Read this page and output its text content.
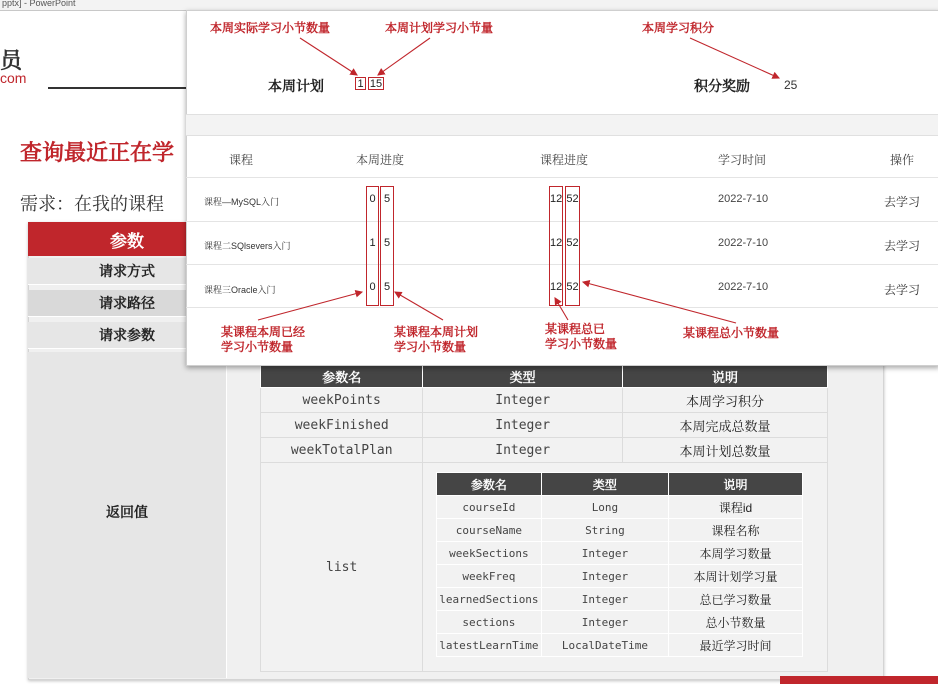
pptx] - PowerPoint
员
com
查询最近正在学
需求：在我的课程
参数
请求方式
请求路径
请求参数
返回值
参数名	类型	说明
weekPoints	Integer	本周学习积分
weekFinished	Integer	本周完成总数量
weekTotalPlan	Integer	本周计划总数量
list		
参数名	类型	说明
courseId	Long	课程id
courseName	String	课程名称
weekSections	Integer	本周学习数量
weekFreq	Integer	本周计划学习量
learnedSections	Integer	总已学习数量
sections	Integer	总小节数量
latestLearnTime	LocalDateTime	最近学习时间
本周计划	1 15	积分奖励	25
课程	本周进度	课程进度	学习时间	操作
课程—MySQL入门	0 5	12 52	2022-7-10	去学习
课程二SQlsevers入门	1 5	12 52	2022-7-10	去学习
课程三Oracle入门	0 5	12 52	2022-7-10	去学习
本周实际学习小节数量	本周计划学习小节量	本周学习积分
某课程本周已经
学习小节数量
某课程本周计划
学习小节数量
某课程总已
学习小节数量
某课程总小节数量
